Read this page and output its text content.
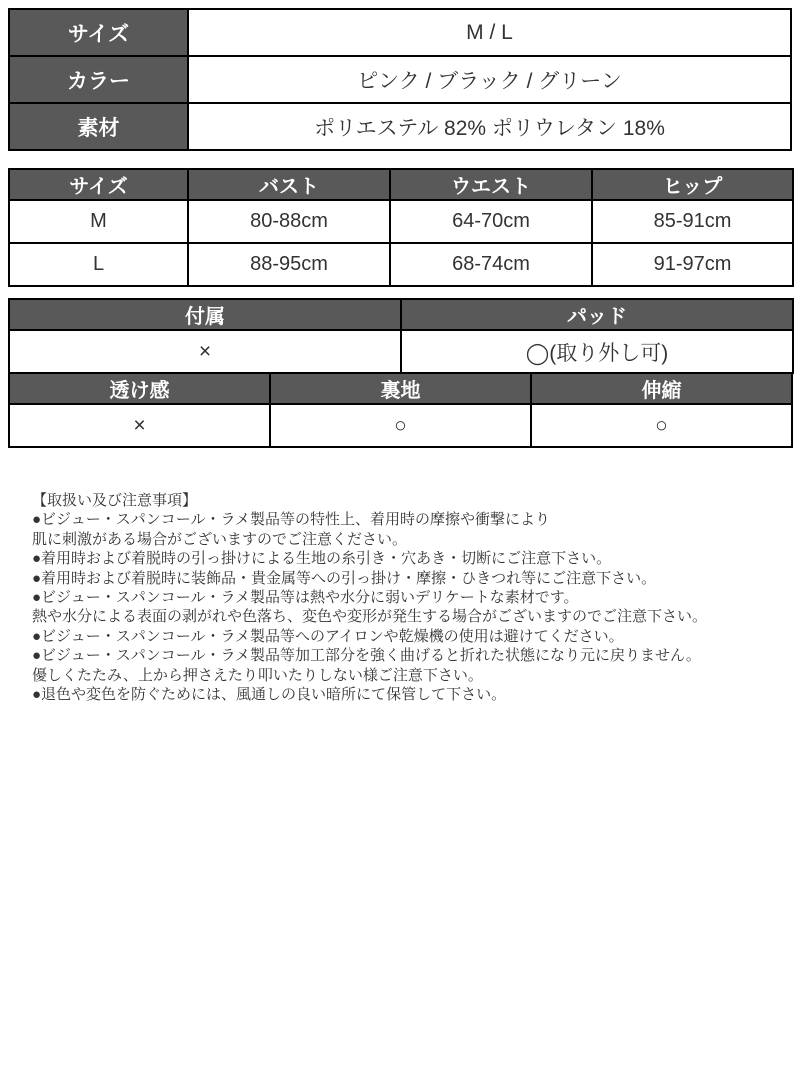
サイズ	M / L
カラー	ピンク / ブラック / グリーン
素材	ポリエステル 82% ポリウレタン 18%
サイズ	バスト	ウエスト	ヒップ
M	80-88cm	64-70cm	85-91cm
L	88-95cm	68-74cm	91-97cm
付属	パッド
×	◯(取り外し可)
透け感	裏地	伸縮
×	○	○
【取扱い及び注意事項】
●ビジュー・スパンコール・ラメ製品等の特性上、着用時の摩擦や衝撃により
肌に刺激がある場合がございますのでご注意ください。
●着用時および着脱時の引っ掛けによる生地の糸引き・穴あき・切断にご注意下さい。
●着用時および着脱時に装飾品・貴金属等への引っ掛け・摩擦・ひきつれ等にご注意下さい。
●ビジュー・スパンコール・ラメ製品等は熱や水分に弱いデリケートな素材です。
熱や水分による表面の剥がれや色落ち、変色や変形が発生する場合がございますのでご注意下さい。
●ビジュー・スパンコール・ラメ製品等へのアイロンや乾燥機の使用は避けてください。
●ビジュー・スパンコール・ラメ製品等加工部分を強く曲げると折れた状態になり元に戻りません。
優しくたたみ、上から押さえたり叩いたりしない様ご注意下さい。
●退色や変色を防ぐためには、風通しの良い暗所にて保管して下さい。
